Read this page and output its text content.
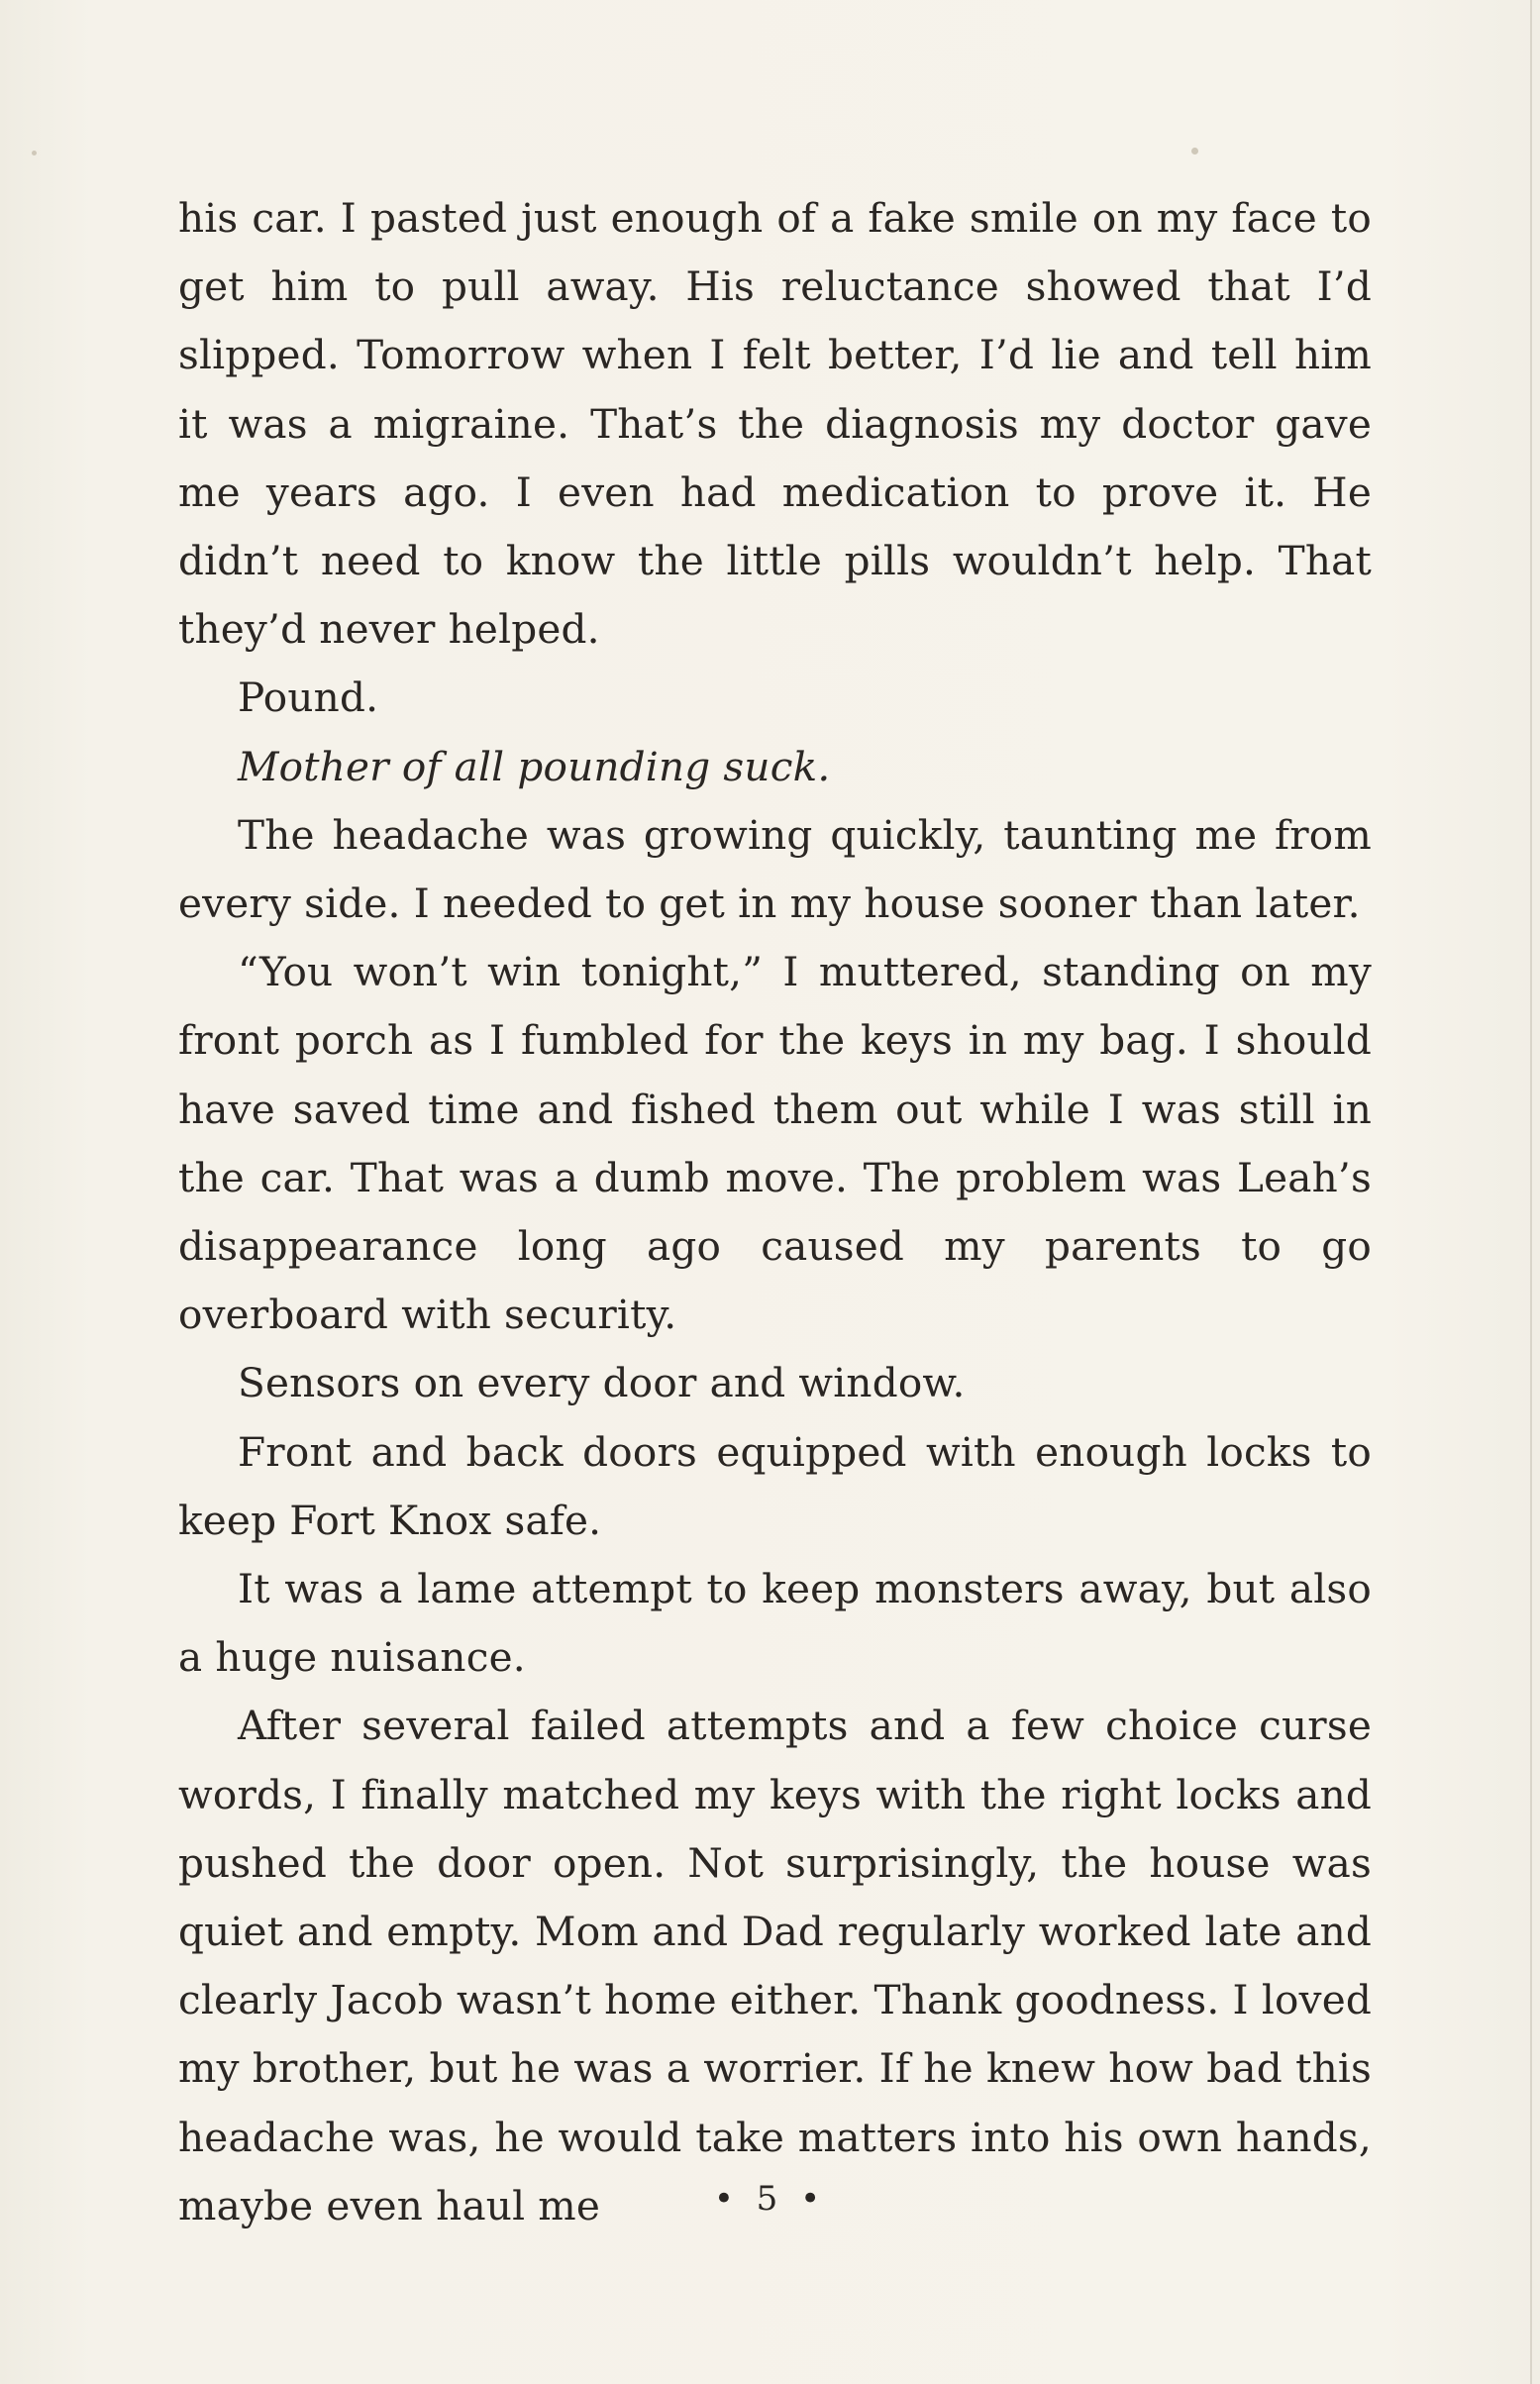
his car. I pasted just enough of a fake smile on my face to get him to pull away. His reluctance showed that I’d slipped. Tomorrow when I felt better, I’d lie and tell him it was a migraine. That’s the diagnosis my doctor gave me years ago. I even had medication to prove it. He didn’t need to know the little pills wouldn’t help. That they’d never helped.

Pound.

Mother of all pounding suck.

The headache was growing quickly, taunting me from every side. I needed to get in my house sooner than later.

“You won’t win tonight,” I muttered, standing on my front porch as I fumbled for the keys in my bag. I should have saved time and fished them out while I was still in the car. That was a dumb move. The problem was Leah’s disappearance long ago caused my parents to go overboard with security.

Sensors on every door and window.

Front and back doors equipped with enough locks to keep Fort Knox safe.

It was a lame attempt to keep monsters away, but also a huge nuisance.

After several failed attempts and a few choice curse words, I finally matched my keys with the right locks and pushed the door open. Not surprisingly, the house was quiet and empty. Mom and Dad regularly worked late and clearly Jacob wasn’t home either. Thank goodness. I loved my brother, but he was a worrier. If he knew how bad this headache was, he would take matters into his own hands, maybe even haul me	• 5 •
